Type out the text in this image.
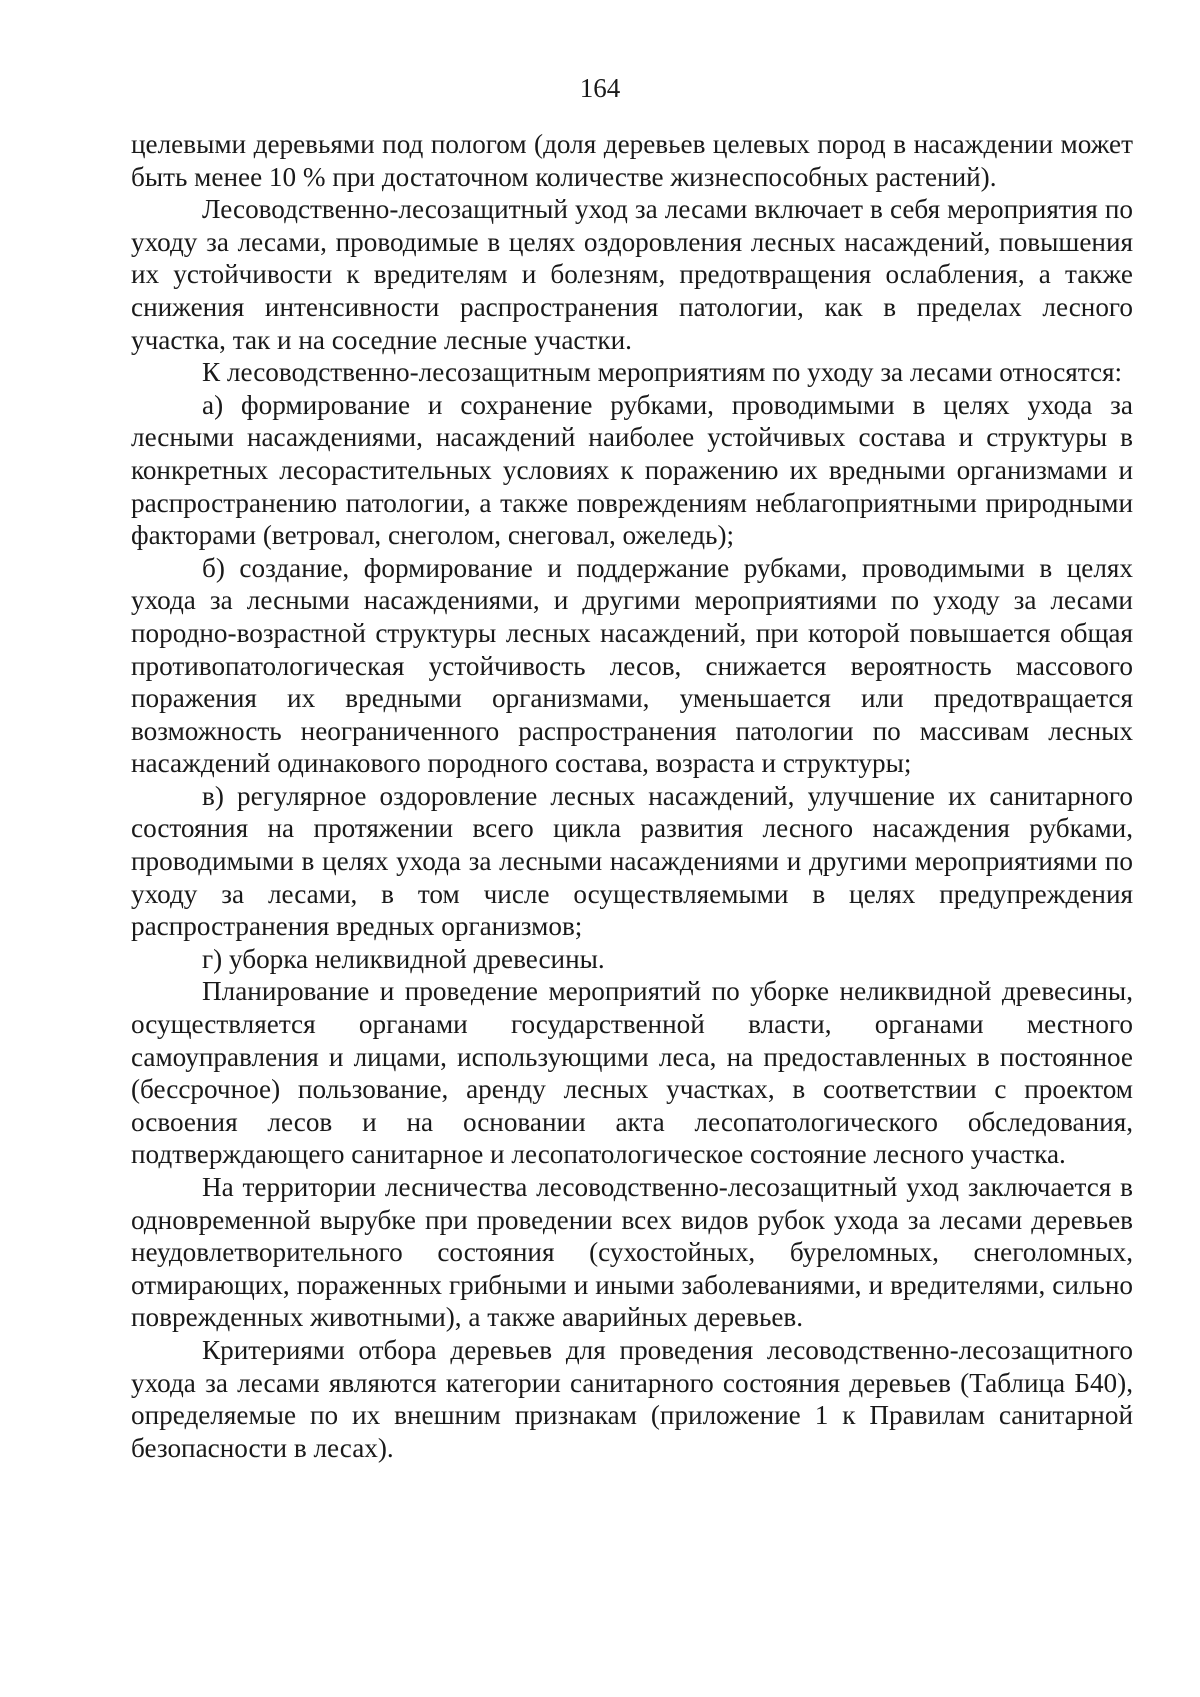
164

целевыми деревьями под пологом (доля деревьев целевых пород в насаждении может быть менее 10 % при достаточном количестве жизнеспособных растений).

Лесоводственно-лесозащитный уход за лесами включает в себя мероприятия по уходу за лесами, проводимые в целях оздоровления лесных насаждений, повышения их устойчивости к вредителям и болезням, предотвращения ослабления, а также снижения интенсивности распространения патологии, как в пределах лесного участка, так и на соседние лесные участки.

К лесоводственно-лесозащитным мероприятиям по уходу за лесами относятся:

а) формирование и сохранение рубками, проводимыми в целях ухода за лесными насаждениями, насаждений наиболее устойчивых состава и структуры в конкретных лесорастительных условиях к поражению их вредными организмами и распространению патологии, а также повреждениям неблагоприятными природными факторами (ветровал, снеголом, снеговал, ожеледь);

б) создание, формирование и поддержание рубками, проводимыми в целях ухода за лесными насаждениями, и другими мероприятиями по уходу за лесами породно-возрастной структуры лесных насаждений, при которой повышается общая противопатологическая устойчивость лесов, снижается вероятность массового поражения их вредными организмами, уменьшается или предотвращается возможность неограниченного распространения патологии по массивам лесных насаждений одинакового породного состава, возраста и структуры;

в) регулярное оздоровление лесных насаждений, улучшение их санитарного состояния на протяжении всего цикла развития лесного насаждения рубками, проводимыми в целях ухода за лесными насаждениями и другими мероприятиями по уходу за лесами, в том числе осуществляемыми в целях предупреждения распространения вредных организмов;

г) уборка неликвидной древесины.

Планирование и проведение мероприятий по уборке неликвидной древесины, осуществляется органами государственной власти, органами местного самоуправления и лицами, использующими леса, на предоставленных в постоянное (бессрочное) пользование, аренду лесных участках, в соответствии с проектом освоения лесов и на основании акта лесопатологического обследования, подтверждающего санитарное и лесопатологическое состояние лесного участка.

На территории лесничества лесоводственно-лесозащитный уход заключается в одновременной вырубке при проведении всех видов рубок ухода за лесами деревьев неудовлетворительного состояния (сухостойных, буреломных, снеголомных, отмирающих, пораженных грибными и иными заболеваниями, и вредителями, сильно поврежденных животными), а также аварийных деревьев.

Критериями отбора деревьев для проведения лесоводственно-лесозащитного ухода за лесами являются категории санитарного состояния деревьев (Таблица Б40), определяемые по их внешним признакам (приложение 1 к Правилам санитарной безопасности в лесах).
